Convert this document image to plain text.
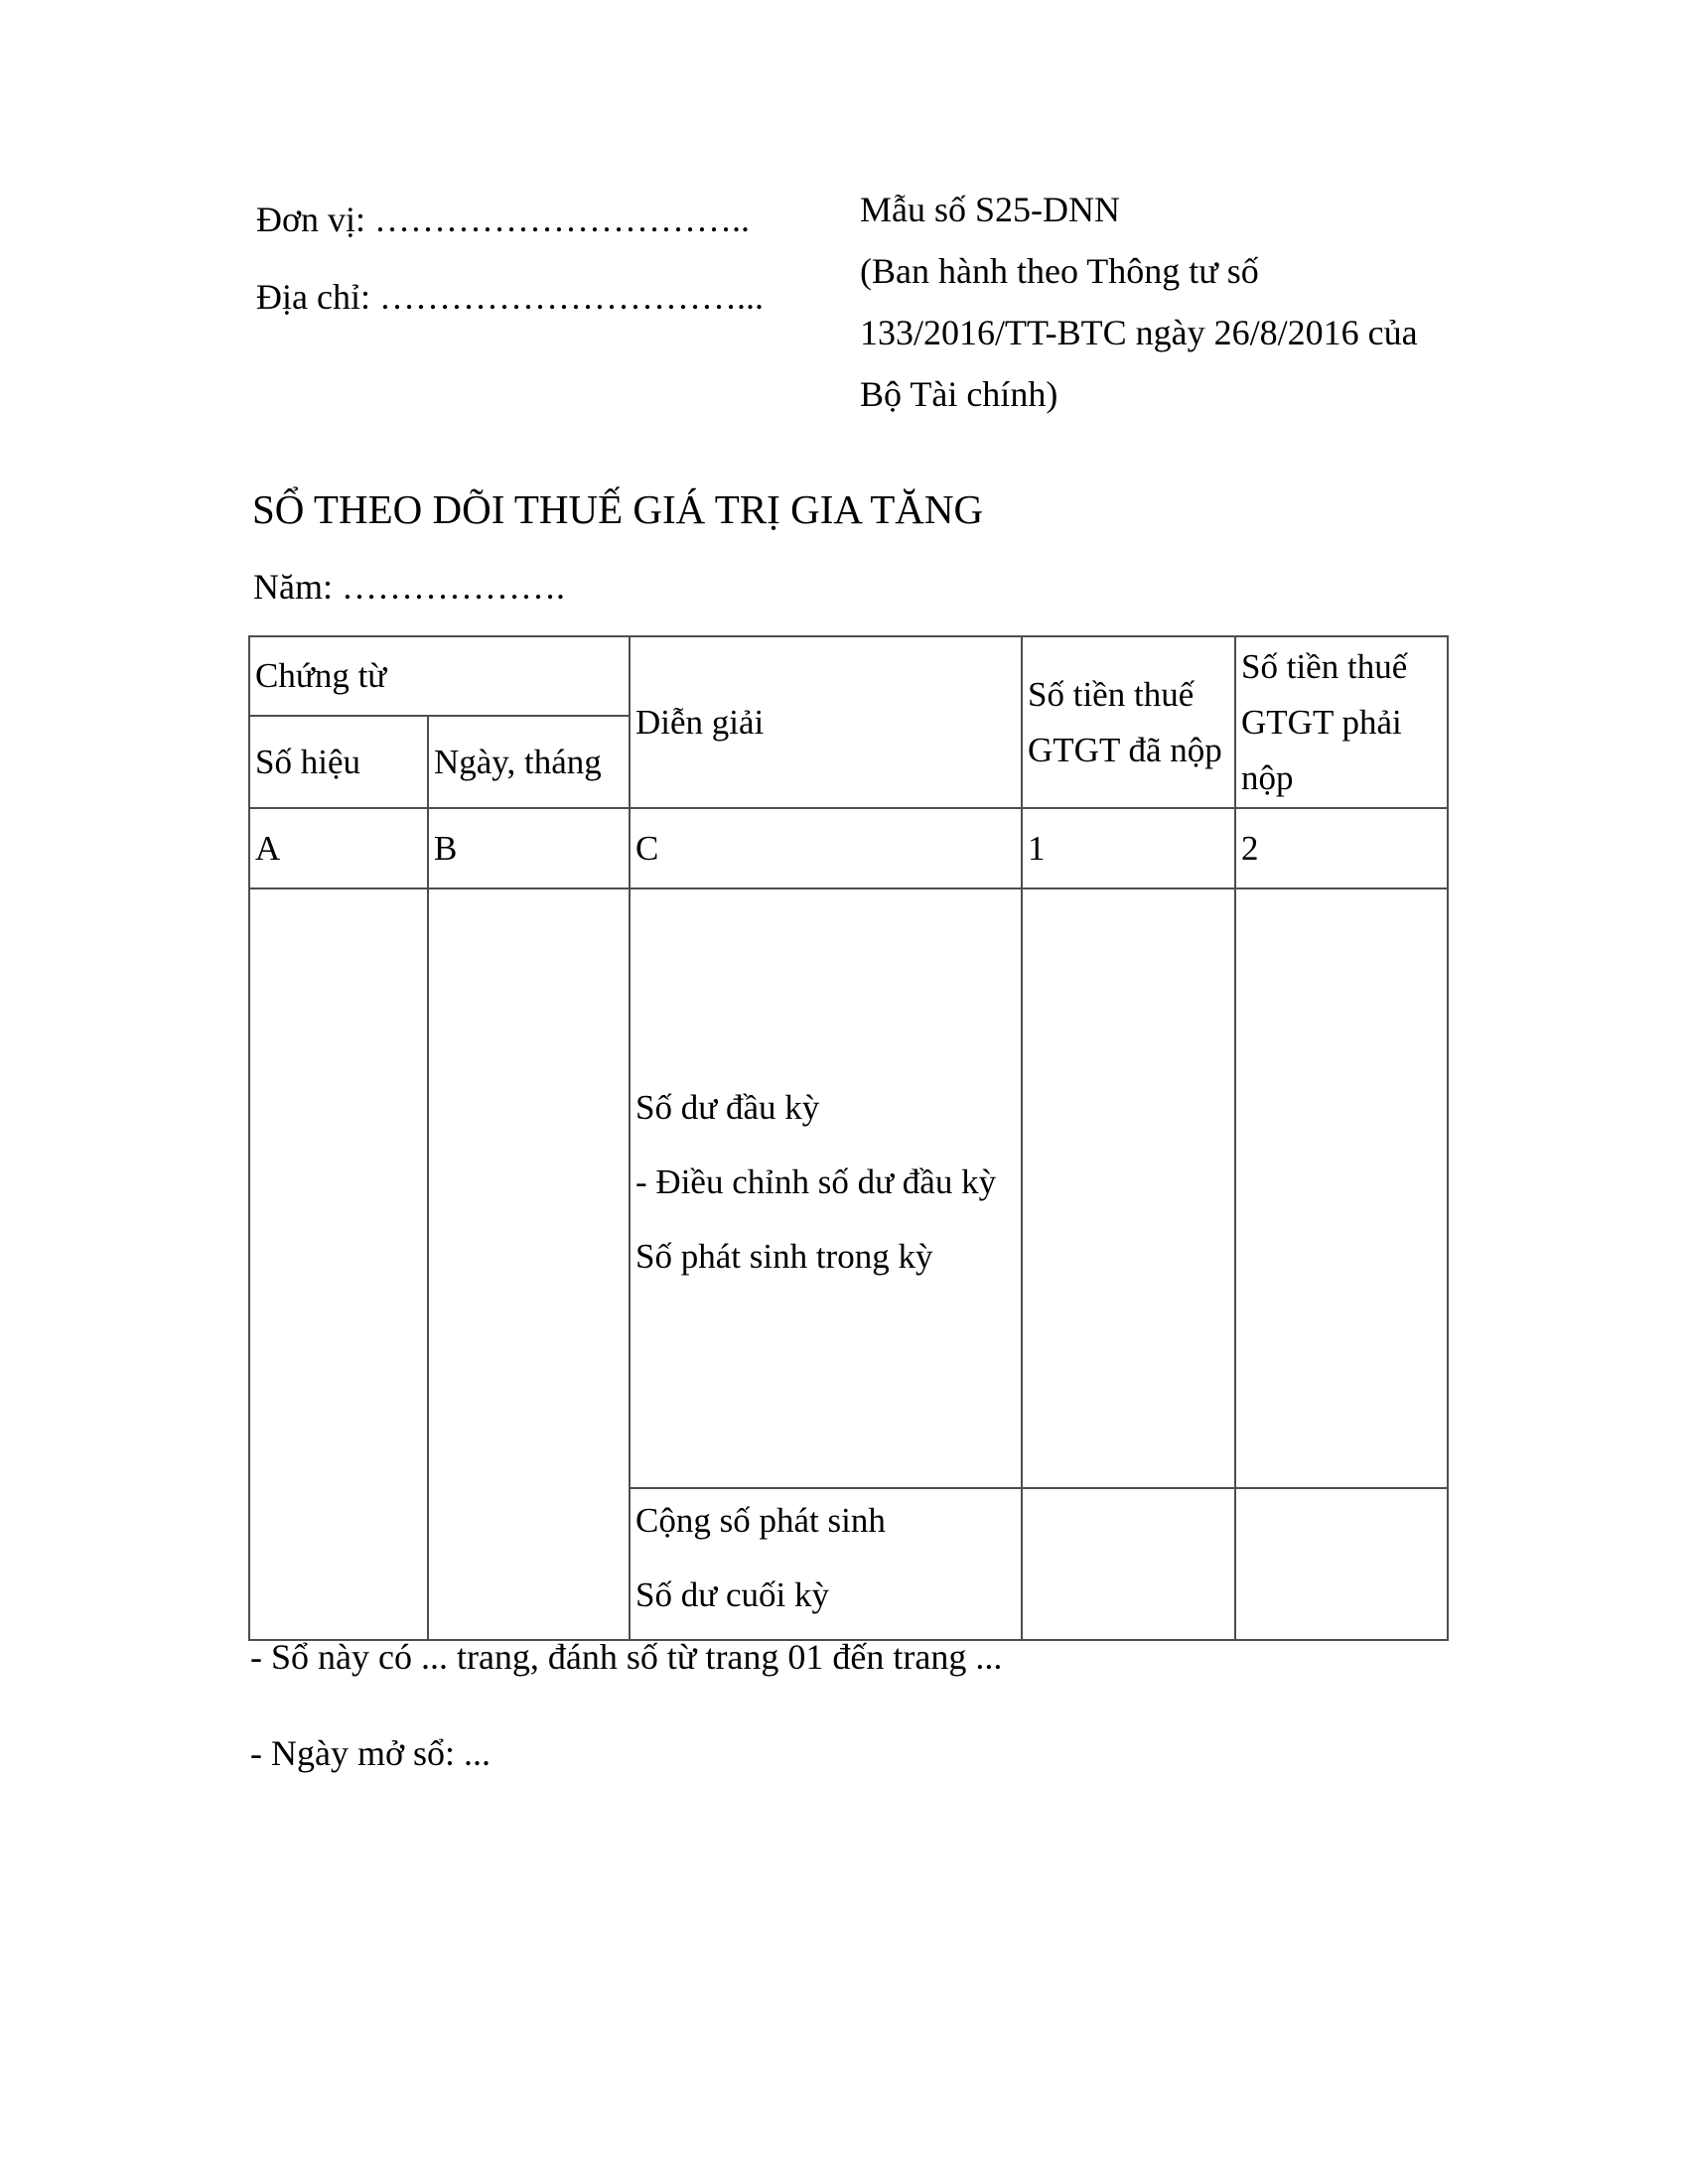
Đơn vị: …………………………..
Địa chỉ: …………………………...
Mẫu số S25-DNN
(Ban hành theo Thông tư số 133/2016/TT-BTC ngày 26/8/2016 của Bộ Tài chính)
SỔ THEO DÕI THUẾ GIÁ TRỊ GIA TĂNG
Năm: ……………….
Chứng từ		Diễn giải	Số tiền thuế GTGT đã nộp	Số tiền thuế GTGT phải nộp
Số hiệu	Ngày, tháng			
A	B	C	1	2

		Số dư đầu kỳ
- Điều chỉnh số dư đầu kỳ
Số phát sinh trong kỳ		

		Cộng số phát sinh
Số dư cuối kỳ		

- Sổ này có ... trang, đánh số từ trang 01 đến trang ...
- Ngày mở sổ: ...
